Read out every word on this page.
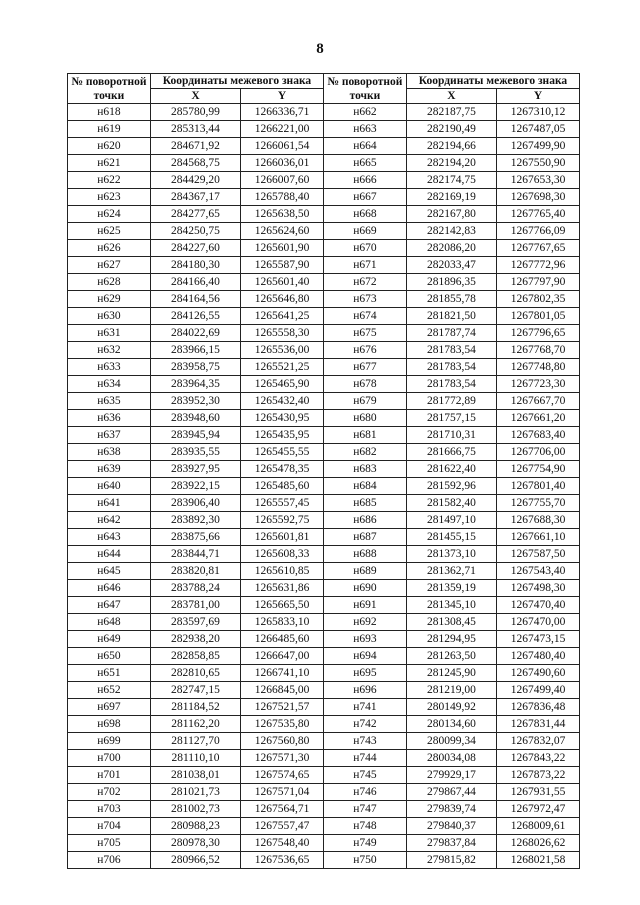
8
№ поворотной точки	Координаты межевого знака		№ поворотной точки	Координаты межевого знака	
	X	Y		X	Y
н618	285780,99	1266336,71	н662	282187,75	1267310,12
н619	285313,44	1266221,00	н663	282190,49	1267487,05
н620	284671,92	1266061,54	н664	282194,66	1267499,90
н621	284568,75	1266036,01	н665	282194,20	1267550,90
н622	284429,20	1266007,60	н666	282174,75	1267653,30
н623	284367,17	1265788,40	н667	282169,19	1267698,30
н624	284277,65	1265638,50	н668	282167,80	1267765,40
н625	284250,75	1265624,60	н669	282142,83	1267766,09
н626	284227,60	1265601,90	н670	282086,20	1267767,65
н627	284180,30	1265587,90	н671	282033,47	1267772,96
н628	284166,40	1265601,40	н672	281896,35	1267797,90
н629	284164,56	1265646,80	н673	281855,78	1267802,35
н630	284126,55	1265641,25	н674	281821,50	1267801,05
н631	284022,69	1265558,30	н675	281787,74	1267796,65
н632	283966,15	1265536,00	н676	281783,54	1267768,70
н633	283958,75	1265521,25	н677	281783,54	1267748,80
н634	283964,35	1265465,90	н678	281783,54	1267723,30
н635	283952,30	1265432,40	н679	281772,89	1267667,70
н636	283948,60	1265430,95	н680	281757,15	1267661,20
н637	283945,94	1265435,95	н681	281710,31	1267683,40
н638	283935,55	1265455,55	н682	281666,75	1267706,00
н639	283927,95	1265478,35	н683	281622,40	1267754,90
н640	283922,15	1265485,60	н684	281592,96	1267801,40
н641	283906,40	1265557,45	н685	281582,40	1267755,70
н642	283892,30	1265592,75	н686	281497,10	1267688,30
н643	283875,66	1265601,81	н687	281455,15	1267661,10
н644	283844,71	1265608,33	н688	281373,10	1267587,50
н645	283820,81	1265610,85	н689	281362,71	1267543,40
н646	283788,24	1265631,86	н690	281359,19	1267498,30
н647	283781,00	1265665,50	н691	281345,10	1267470,40
н648	283597,69	1265833,10	н692	281308,45	1267470,00
н649	282938,20	1266485,60	н693	281294,95	1267473,15
н650	282858,85	1266647,00	н694	281263,50	1267480,40
н651	282810,65	1266741,10	н695	281245,90	1267490,60
н652	282747,15	1266845,00	н696	281219,00	1267499,40
н697	281184,52	1267521,57	н741	280149,92	1267836,48
н698	281162,20	1267535,80	н742	280134,60	1267831,44
н699	281127,70	1267560,80	н743	280099,34	1267832,07
н700	281110,10	1267571,30	н744	280034,08	1267843,22
н701	281038,01	1267574,65	н745	279929,17	1267873,22
н702	281021,73	1267571,04	н746	279867,44	1267931,55
н703	281002,73	1267564,71	н747	279839,74	1267972,47
н704	280988,23	1267557,47	н748	279840,37	1268009,61
н705	280978,30	1267548,40	н749	279837,84	1268026,62
н706	280966,52	1267536,65	н750	279815,82	1268021,58
